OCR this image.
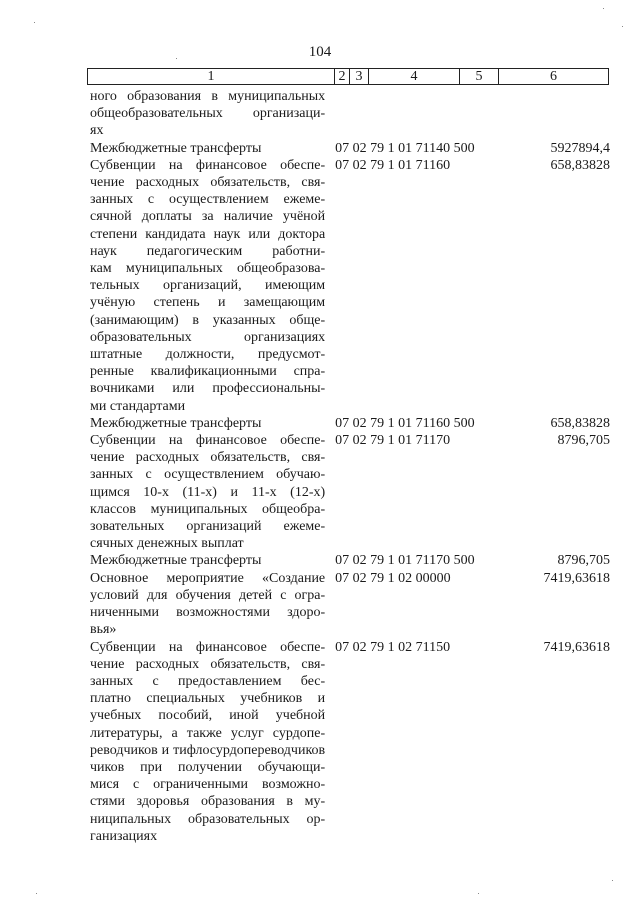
104
1	2 3	4	5	6
ного образования в муниципальных
общеобразовательных организаци-
ях
Межбюджетные трансферты	07 02 79 1 01 71140 500	5927894,4
Субвенции на финансовое обеспе-
чение расходных обязательств, свя-
занных с осуществлением ежеме-
сячной доплаты за наличие учёной
степени кандидата наук или доктора
наук педагогическим работни-
кам муниципальных общеобразова-
тельных организаций, имеющим
учёную степень и замещающим
(занимающим) в указанных обще-
образовательных организациях
штатные должности, предусмот-
ренные квалификационными спра-
вочниками или профессиональны-
ми стандартами
07 02 79 1 01 71160	658,83828
Межбюджетные трансферты	07 02 79 1 01 71160 500	658,83828
Субвенции на финансовое обеспе-
чение расходных обязательств, свя-
занных с осуществлением обучаю-
щимся 10-х (11-х) и 11-х (12-х)
классов муниципальных общеобра-
зовательных организаций ежеме-
сячных денежных выплат
07 02 79 1 01 71170	8796,705
Межбюджетные трансферты	07 02 79 1 01 71170 500	8796,705
Основное мероприятие «Создание
условий для обучения детей с огра-
ниченными возможностями здоро-
вья»
07 02 79 1 02 00000	7419,63618
Субвенции на финансовое обеспе-
чение расходных обязательств, свя-
занных с предоставлением бес-
платно специальных учебников и
учебных пособий, иной учебной
литературы, а также услуг сурдопе-
реводчиков и тифлосурдопереводчиков
чиков при получении обучающи-
мися с ограниченными возможно-
стями здоровья образования в му-
ниципальных образовательных ор-
ганизациях
07 02 79 1 02 71150	7419,63618
